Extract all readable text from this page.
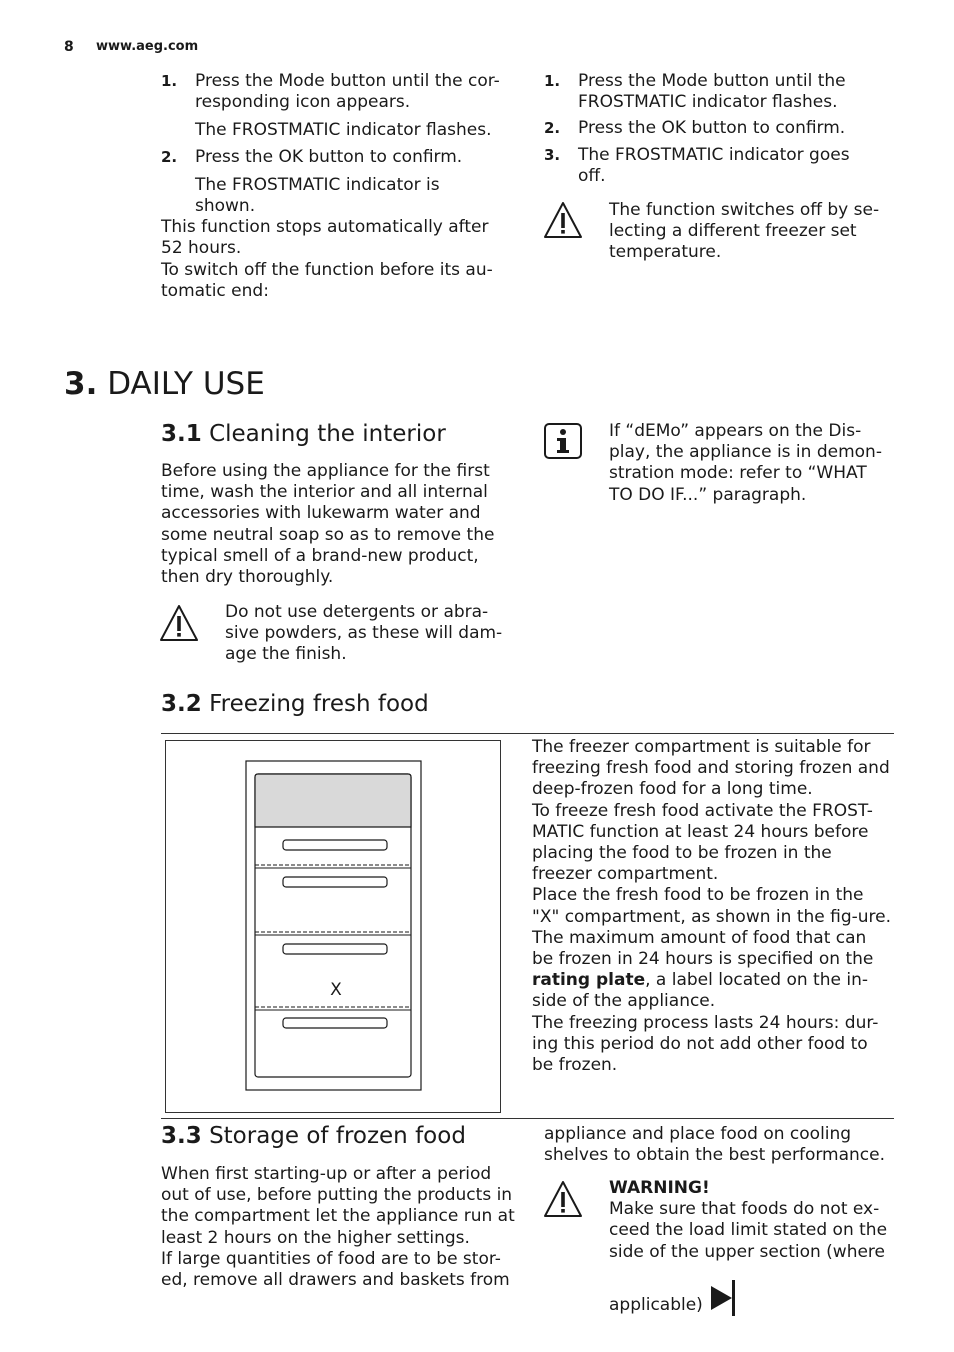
8 www.aeg.com
1. Press the Mode button until the cor-responding icon appears.

The FROSTMATIC indicator flashes.

2. Press the OK button to confirm.

The FROSTMATIC indicator is shown.

This function stops automatically after 52 hours.

To switch off the function before its au-tomatic end:

1. Press the Mode button until the FROSTMATIC indicator flashes.

2. Press the OK button to confirm.

3. The FROSTMATIC indicator goes off.

The function switches off by se-lecting a different freezer set temperature.

3. DAILY USE
3.1 Cleaning the interior

Before using the appliance for the first time, wash the interior and all internal accessories with lukewarm water and some neutral soap so as to remove the typical smell of a brand-new product, then dry thoroughly.

Do not use detergents or abra-sive powders, as these will dam-age the finish.

If “dEMo” appears on the Dis-play, the appliance is in demon-stration mode: refer to “WHAT TO DO IF...” paragraph.

3.2 Freezing fresh food
X

The freezer compartment is suitable for freezing fresh food and storing frozen and deep-frozen food for a long time.

To freeze fresh food activate the FROST-MATIC function at least 24 hours before placing the food to be frozen in the freezer compartment.

Place the fresh food to be frozen in the "X" compartment, as shown in the fig-ure.

The maximum amount of food that can be frozen in 24 hours is specified on the rating plate, a label located on the in-side of the appliance.

The freezing process lasts 24 hours: dur-ing this period do not add other food to be frozen.

3.3 Storage of frozen food

When first starting-up or after a period out of use, before putting the products in the compartment let the appliance run at least 2 hours on the higher settings.

If large quantities of food are to be stor-ed, remove all drawers and baskets from

appliance and place food on cooling shelves to obtain the best performance.

WARNING!

Make sure that foods do not ex-ceed the load limit stated on the side of the upper section (where

applicable)
